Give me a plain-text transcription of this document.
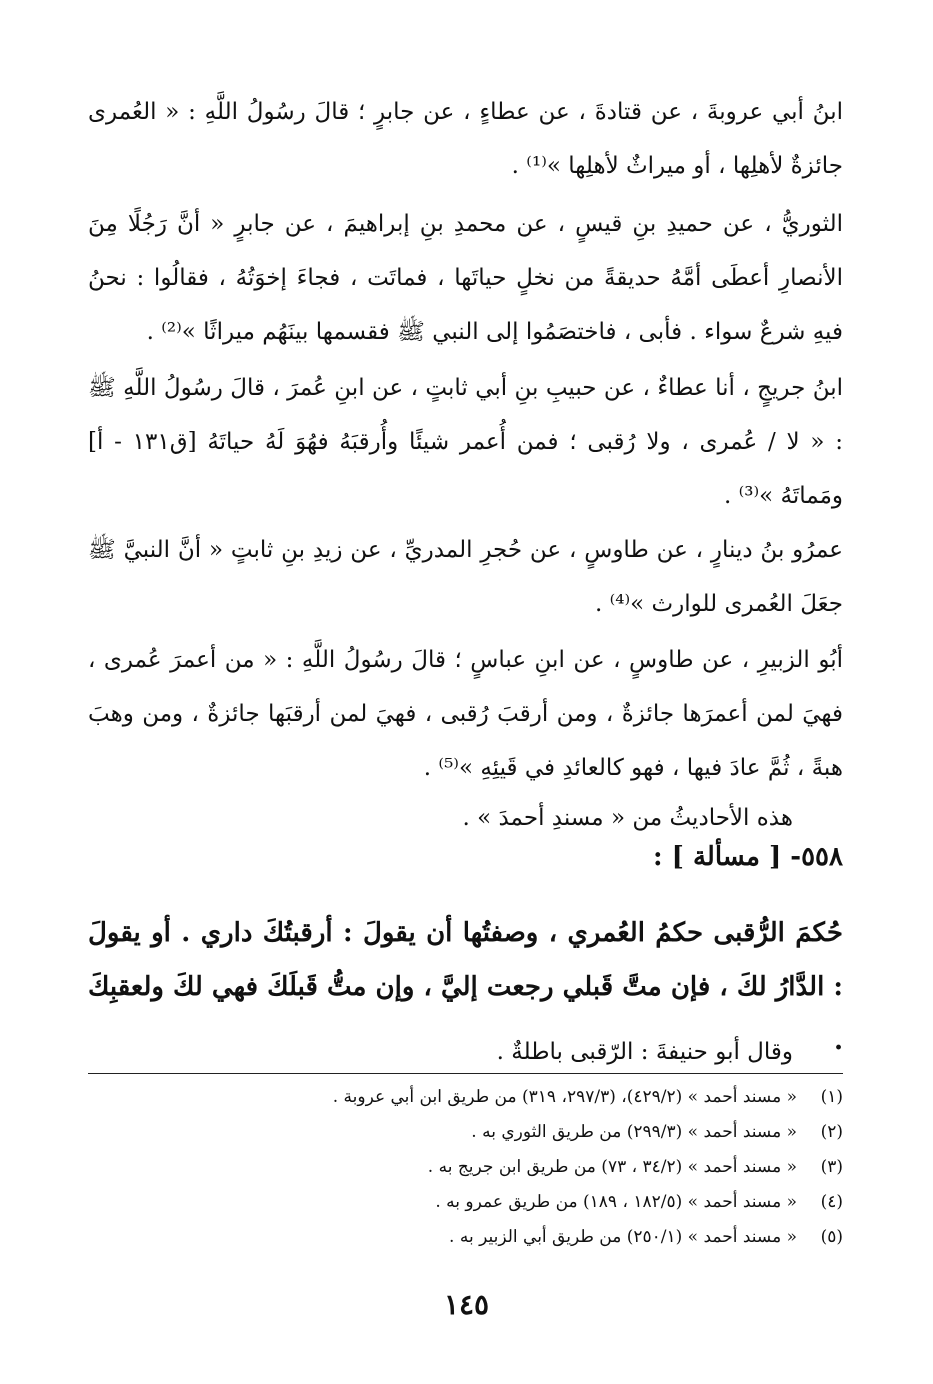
ابنُ أبي عروبةَ ، عن قتادةَ ، عن عطاءٍ ، عن جابرٍ ؛ قالَ رسُولُ اللَّهِ : « العُمرى جائزةٌ لأهلِها ، أو ميراثٌ لأهلِها »⁽¹⁾ .

الثوريُّ ، عن حميدِ بنِ قيسٍ ، عن محمدِ بنِ إبراهيمَ ، عن جابرٍ « أنَّ رَجُلًا مِنَ الأنصارِ أعطَى أمَّهُ حديقةً من نخلٍ حياتَها ، فماتَت ، فجاءَ إخوَتُهُ ، فقالُوا : نحنُ فيهِ شرعٌ سواء . فأبى ، فاختصَمُوا إلى النبي ﷺ فقسمها بينَهُم ميراثًا »⁽²⁾ .

ابنُ جريجٍ ، أنا عطاءٌ ، عن حبيبِ بنِ أبي ثابتٍ ، عن ابنِ عُمرَ ، قالَ رسُولُ اللَّهِ ﷺ : « لا / عُمرى ، ولا رُقبى ؛ فمن أُعمر شيئًا وأُرقبَهُ فهُوَ لَهُ حياتَهُ [ق١٣١ - أ] ومَماتَهُ »⁽³⁾ .

عمرُو بنُ دينارٍ ، عن طاوسٍ ، عن حُجرِ المدريِّ ، عن زيدِ بنِ ثابتٍ « أنَّ النبيَّ ﷺ جعَلَ العُمرى للوارث »⁽⁴⁾ .

أبُو الزبيرِ ، عن طاوسٍ ، عن ابنِ عباسٍ ؛ قالَ رسُولُ اللَّهِ : « من أعمرَ عُمرى ، فهيَ لمن أعمرَها جائزةٌ ، ومن أرقبَ رُقبى ، فهيَ لمن أرقبَها جائزةٌ ، ومن وهبَ هبةً ، ثُمَّ عادَ فيها ، فهو كالعائدِ في قَيئِهِ »⁽⁵⁾ .

هذه الأحاديثُ من « مسندِ أحمدَ » .

٥٥٨- [ مسألة ] :

حُكمَ الرُّقبى حكمُ العُمري ، وصفتُها أن يقولَ : أرقبتُكَ داري . أو يقولَ : الدَّارُ لكَ ، فإن متَّ قَبلي رجعت إليَّ ، وإن متُّ قَبلَكَ فهي لكَ ولعقبِكَ .

وقال أبو حنيفةَ : الرّقبى باطلةٌ .

(١)
« مسند أحمد » (٤٢٩/٢)، (٢٩٧/٣، ٣١٩) من طريق ابن أبي عروبة .
(٢)
« مسند أحمد » (٢٩٩/٣) من طريق الثوري به .
(٣)
« مسند أحمد » (٣٤/٢ ، ٧٣) من طريق ابن جريج به .
(٤)
« مسند أحمد » (١٨٢/٥ ، ١٨٩) من طريق عمرو به .
(٥)
« مسند أحمد » (٢٥٠/١) من طريق أبي الزبير به .
١٤٥
